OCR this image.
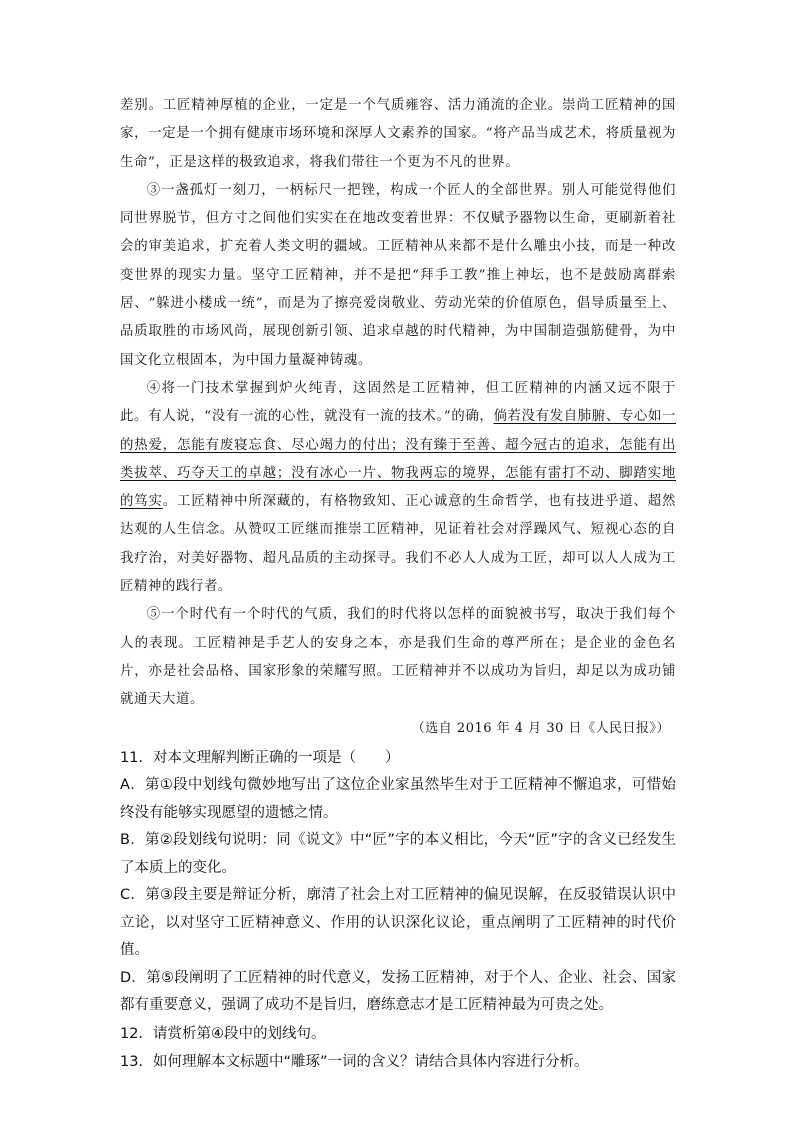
差别。工匠精神厚植的企业，一定是一个气质雍容、活力涌流的企业。崇尚工匠精神的国家，一定是一个拥有健康市场环境和深厚人文素养的国家。“将产品当成艺术，将质量视为生命”，正是这样的极致追求，将我们带往一个更为不凡的世界。

③一盏孤灯一刻刀，一柄标尺一把锉，构成一个匠人的全部世界。别人可能觉得他们同世界脱节，但方寸之间他们实实在在地改变着世界：不仅赋予器物以生命，更刷新着社会的审美追求，扩充着人类文明的疆域。工匠精神从来都不是什么雕虫小技，而是一种改变世界的现实力量。坚守工匠精神，并不是把“拜手工教”推上神坛，也不是鼓励离群索居、“躲进小楼成一统”，而是为了擦亮爱岗敬业、劳动光荣的价值原色，倡导质量至上、品质取胜的市场风尚，展现创新引领、追求卓越的时代精神，为中国制造强筋健骨，为中国文化立根固本，为中国力量凝神铸魂。

④将一门技术掌握到炉火纯青，这固然是工匠精神，但工匠精神的内涵又远不限于此。有人说，“没有一流的心性，就没有一流的技术。”的确，倘若没有发自肺腑、专心如一的热爱，怎能有废寝忘食、尽心竭力的付出；没有臻于至善、超今冠古的追求，怎能有出类拔萃、巧夺天工的卓越；没有冰心一片、物我两忘的境界，怎能有雷打不动、脚踏实地的笃实。工匠精神中所深藏的，有格物致知、正心诚意的生命哲学，也有技进乎道、超然达观的人生信念。从赞叹工匠继而推崇工匠精神，见证着社会对浮躁风气、短视心态的自我疗治，对美好器物、超凡品质的主动探寻。我们不必人人成为工匠，却可以人人成为工匠精神的践行者。

⑤一个时代有一个时代的气质，我们的时代将以怎样的面貌被书写，取决于我们每个人的表现。工匠精神是手艺人的安身之本，亦是我们生命的尊严所在；是企业的金色名片，亦是社会品格、国家形象的荣耀写照。工匠精神并不以成功为旨归，却足以为成功铺就通天大道。

（选自 2016 年 4 月 30 日《人民日报》）

11．对本文理解判断正确的一项是（　　）

A．第①段中划线句微妙地写出了这位企业家虽然毕生对于工匠精神不懈追求，可惜始终没有能够实现愿望的遗憾之情。

B．第②段划线句说明：同《说文》中“匠”字的本义相比，今天“匠”字的含义已经发生了本质上的变化。

C．第③段主要是辩证分析，廓清了社会上对工匠精神的偏见误解，在反驳错误认识中立论，以对坚守工匠精神意义、作用的认识深化议论，重点阐明了工匠精神的时代价值。

D．第⑤段阐明了工匠精神的时代意义，发扬工匠精神，对于个人、企业、社会、国家都有重要意义，强调了成功不是旨归，磨练意志才是工匠精神最为可贵之处。

12．请赏析第④段中的划线句。

13．如何理解本文标题中“雕琢”一词的含义？请结合具体内容进行分析。
